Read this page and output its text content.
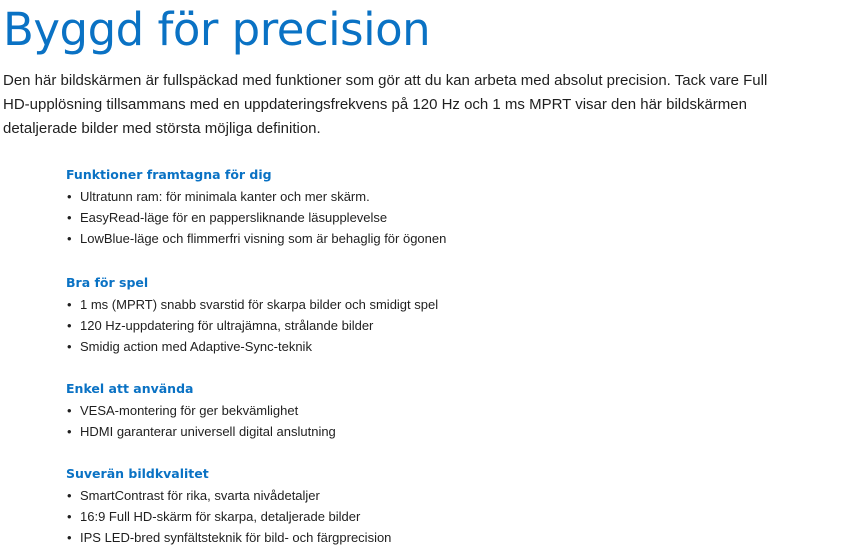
Byggd för precision

Den här bildskärmen är fullspäckad med funktioner som gör att du kan arbeta med absolut precision. Tack vare Full
HD-upplösning tillsammans med en uppdateringsfrekvens på 120 Hz och 1 ms MPRT visar den här bildskärmen
detaljerade bilder med största möjliga definition.

Funktioner framtagna för dig
• Ultratunn ram: för minimala kanter och mer skärm.
• EasyRead-läge för en pappersliknande läsupplevelse
• LowBlue-läge och flimmerfri visning som är behaglig för ögonen
Bra för spel
• 1 ms (MPRT) snabb svarstid för skarpa bilder och smidigt spel
• 120 Hz-uppdatering för ultrajämna, strålande bilder
• Smidig action med Adaptive-Sync-teknik
Enkel att använda
• VESA-montering för ger bekvämlighet
• HDMI garanterar universell digital anslutning
Suverän bildkvalitet
• SmartContrast för rika, svarta nivådetaljer
• 16:9 Full HD-skärm för skarpa, detaljerade bilder
• IPS LED-bred synfältsteknik för bild- och färgprecision
